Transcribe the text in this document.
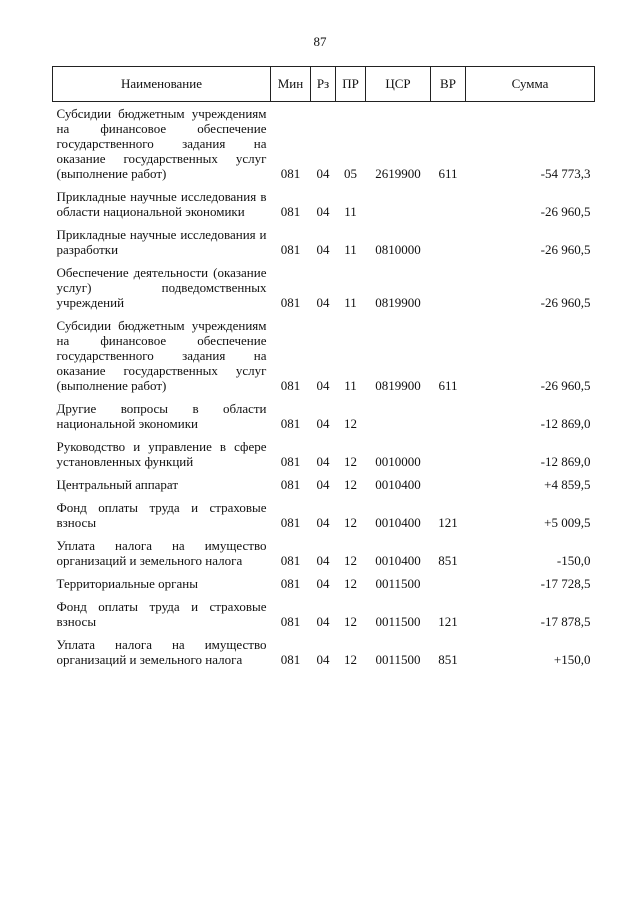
87
Наименование	Мин	Рз	ПР	ЦСР	ВР	Сумма
Субсидии бюджетным учреждениям на финансовое обеспечение государственного задания на оказание государственных услуг (выполнение работ)	081	04	05	2619900	611	-54 773,3
Прикладные научные исследования в области национальной экономики	081	04	11			-26 960,5
Прикладные научные исследования и разработки	081	04	11	0810000		-26 960,5
Обеспечение деятельности (оказание услуг) подведомственных учреждений	081	04	11	0819900		-26 960,5
Субсидии бюджетным учреждениям на финансовое обеспечение государственного задания на оказание государственных услуг (выполнение работ)	081	04	11	0819900	611	-26 960,5
Другие вопросы в области национальной экономики	081	04	12			-12 869,0
Руководство и управление в сфере установленных функций	081	04	12	0010000		-12 869,0
Центральный аппарат	081	04	12	0010400		+4 859,5
Фонд оплаты труда и страховые взносы	081	04	12	0010400	121	+5 009,5
Уплата налога на имущество организаций и земельного налога	081	04	12	0010400	851	-150,0
Территориальные органы	081	04	12	0011500		-17 728,5
Фонд оплаты труда и страховые взносы	081	04	12	0011500	121	-17 878,5
Уплата налога на имущество организаций и земельного налога	081	04	12	0011500	851	+150,0
